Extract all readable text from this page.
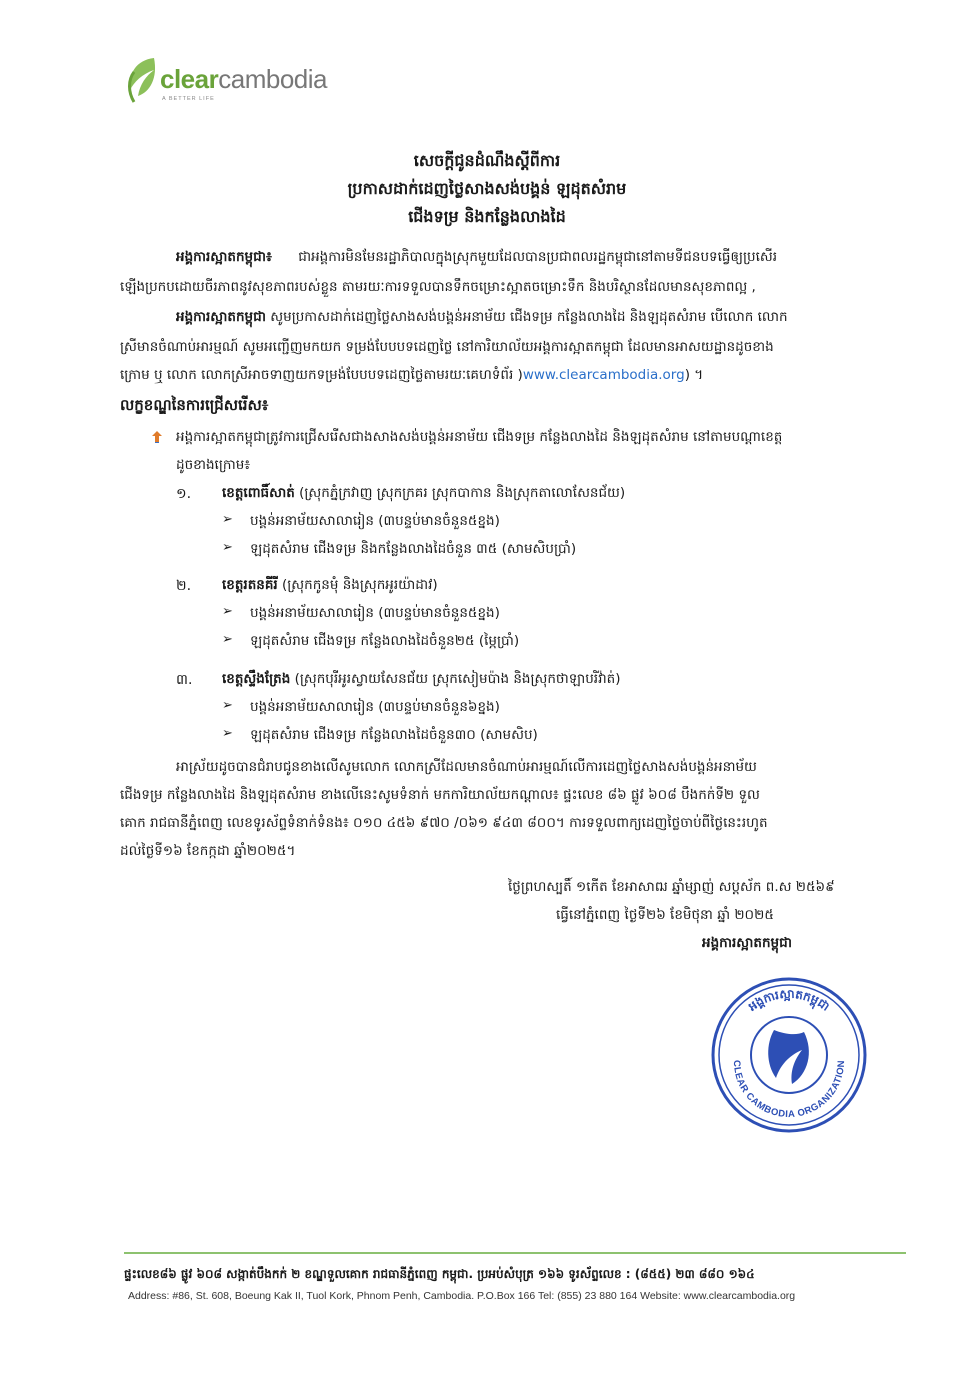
clearcambodia
A BETTER LIFE
សេចក្តីជូនដំណឹងស្តីពីការ
ប្រកាសដាក់ដេញថ្លៃសាងសង់បង្គន់ ឡដុតសំរាម
ជើងទម្រ និងកន្លែងលាងដៃ
អង្គការស្អាតកម្ពុជា៖ ជាអង្គការមិនមែនរដ្ឋាភិបាលក្នុងស្រុកមួយដែលបានប្រជាពលរដ្ឋកម្ពុជានៅតាមទីជនបទធ្វើឲ្យប្រសើរ
ឡើងប្រកបដោយចីរភាពនូវសុខភាពរបស់ខ្លួន តាមរយៈការទទួលបានទឹកចម្រោះស្អាតចម្រោះទឹក និងបរិស្ថានដែលមានសុខភាពល្អ ,
អង្គការស្អាតកម្ពុជា សូមប្រកាសដាក់ដេញថ្លៃសាងសង់បង្គន់អនាម័យ ជើងទម្រ កន្លែងលាងដៃ និងឡដុតសំរាម បើលោក លោក
ស្រីមានចំណាប់អារម្មណ៍ សូមអញ្ជើញមកយក ទម្រង់បែបបទដេញថ្លៃ នៅការិយាល័យអង្គការស្អាតកម្ពុជា ដែលមានអាសយដ្ឋានដូចខាង
ក្រោម ឬ លោក លោកស្រីអាចទាញយកទម្រង់បែបបទដេញថ្លៃតាមរយៈគេហទំព័រ )www.clearcambodia.org) ។
លក្ខខណ្ឌនៃការជ្រើសរើស៖
អង្គការស្អាតកម្ពុជាត្រូវការជ្រើសរើសជាងសាងសង់បង្គន់អនាម័យ ជើងទម្រ កន្លែងលាងដៃ និងឡដុតសំរាម នៅតាមបណ្តាខេត្ត
ដូចខាងក្រោម៖
១. ខេត្តពោធិ៍សាត់ (ស្រុកភ្នំក្រវាញ ស្រុកក្រគរ ស្រុកបាកាន និងស្រុកតាលោសែនជ័យ)
➢ បង្គន់អនាម័យសាលារៀន (៣បន្ទប់មានចំនួន៥ខ្នង)
➢ ឡដុតសំរាម ជើងទម្រ និងកន្លែងលាងដៃចំនួន ៣៥ (សាមសិបប្រាំ)
២. ខេត្តរតនគីរី (ស្រុកកូនមុំ និងស្រុកអូរយ៉ាដាវ)
➢ បង្គន់អនាម័យសាលារៀន (៣បន្ទប់មានចំនួន៥ខ្នង)
➢ ឡដុតសំរាម ជើងទម្រ កន្លែងលាងដៃចំនួន២៥ (ម្ភៃប្រាំ)
៣. ខេត្តស្ទឹងត្រែង (ស្រុកបុរីអូរស្វាយសែនជ័យ ស្រុកសៀមប៉ាង និងស្រុកថាឡាបរិវ៉ាត់)
➢ បង្គន់អនាម័យសាលារៀន (៣បន្ទប់មានចំនួន៦ខ្នង)
➢ ឡដុតសំរាម ជើងទម្រ កន្លែងលាងដៃចំនួន៣០ (សាមសិប)
អាស្រ័យដូចបានជំរាបជូនខាងលើសូមលោក លោកស្រីដែលមានចំណាប់អារម្មណ៍លើការដេញថ្លៃសាងសង់បង្គន់អនាម័យ
ជើងទម្រ កន្លែងលាងដៃ និងឡដុតសំរាម ខាងលើនេះសូមទំនាក់ មកការិយាល័យកណ្តាល៖ ផ្ទះលេខ ៨៦ ផ្លូវ ៦០៨ បឹងកក់ទី២ ទួល
គោក រាជធានីភ្នំពេញ លេខទូរស័ព្ទទំនាក់ទំនង៖ ០១០ ៤៥៦ ៩៧០ /០៦១ ៩៤៣ ៨០០។ ការទទួលពាក្យដេញថ្លៃចាប់ពីថ្ងៃនេះរហូត
ដល់ថ្ងៃទី១៦ ខែកក្កដា ឆ្នាំ២០២៥។
ថ្ងៃព្រហស្បតិ៍ ១កើត ខែអាសាឍ ឆ្នាំម្សាញ់ សប្តស័ក ព.ស ២៥៦៩
ធ្វើនៅភ្នំពេញ ថ្ងៃទី២៦ ខែមិថុនា ឆ្នាំ ២០២៥
អង្គការស្អាតកម្ពុជា
អង្គការស្អាតកម្ពុជា
CLEAR CAMBODIA ORGANIZATION
ផ្ទះលេខ៨៦ ផ្លូវ ៦០៨ សង្កាត់បឹងកក់ ២ ខណ្ឌទួលគោក រាជធានីភ្នំពេញ កម្ពុជា. ប្រអប់សំបុត្រ ១៦៦ ទូរស័ព្ទលេខ : (៨៥៥) ២៣ ៨៨០ ១៦៤
Address: #86, St. 608, Boeung Kak II, Tuol Kork, Phnom Penh, Cambodia. P.O.Box 166 Tel: (855) 23 880 164 Website: www.clearcambodia.org
